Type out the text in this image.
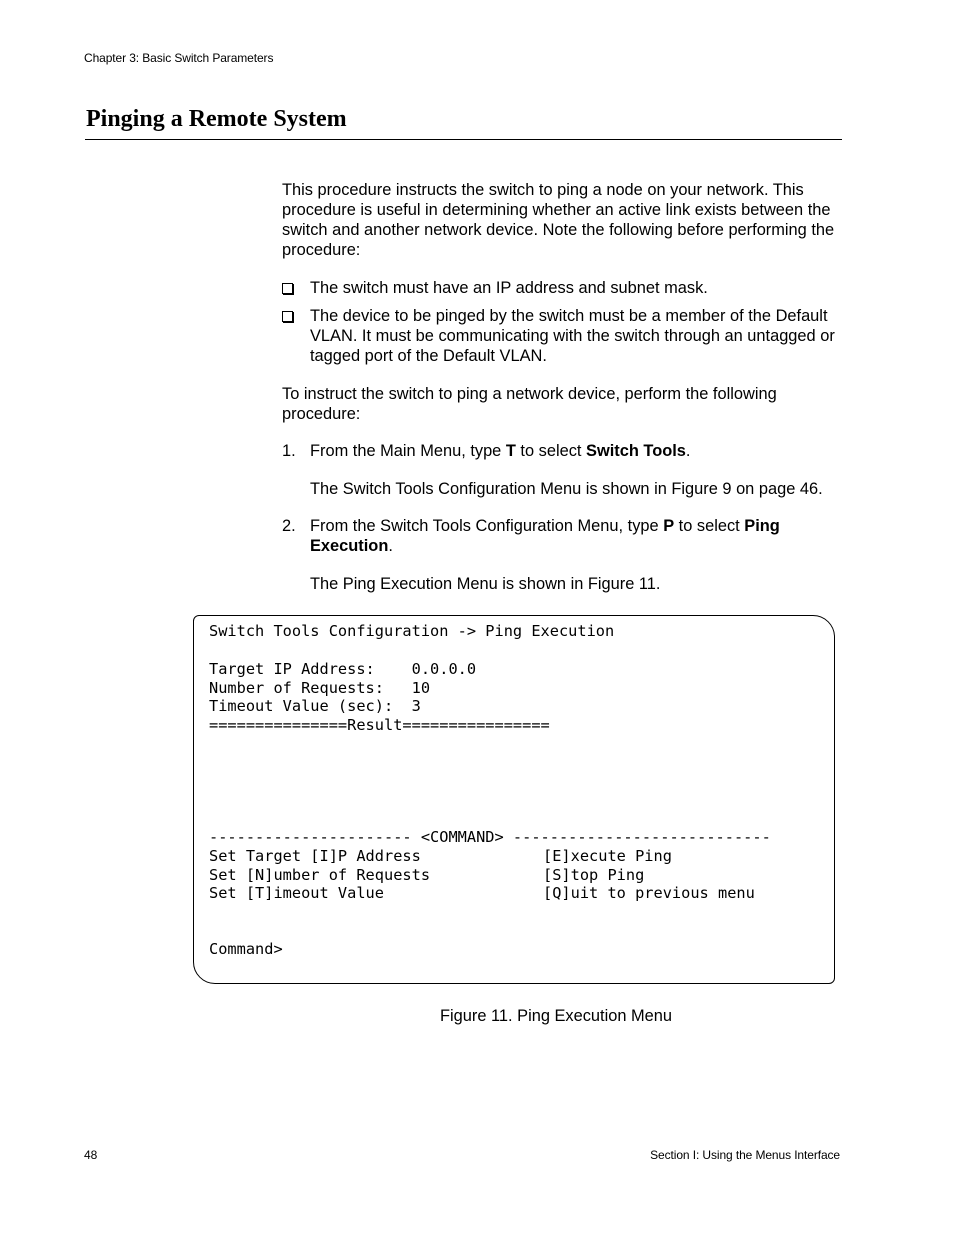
Chapter 3: Basic Switch Parameters
Pinging a Remote System

This procedure instructs the switch to ping a node on your network. This procedure is useful in determining whether an active link exists between the switch and another network device. Note the following before performing the procedure:

The switch must have an IP address and subnet mask.
The device to be pinged by the switch must be a member of the Default VLAN. It must be communicating with the switch through an untagged or tagged port of the Default VLAN.

To instruct the switch to ping a network device, perform the following procedure:

1. From the Main Menu, type T to select Switch Tools.
The Switch Tools Configuration Menu is shown in Figure 9 on page 46.
2. From the Switch Tools Configuration Menu, type P to select Ping Execution.
The Ping Execution Menu is shown in Figure 11.
Switch Tools Configuration -> Ping Execution
Target IP Address:    0.0.0.0
Number of Requests:   10
Timeout Value (sec):  3
===============Result================
---------------------- <COMMAND> ----------------------------
Set Target [I]P Address	[E]xecute Ping
Set [N]umber of Requests	[S]top Ping
Set [T]imeout Value	[Q]uit to previous menu
Command>
Figure 11. Ping Execution Menu
48	Section I: Using the Menus Interface
